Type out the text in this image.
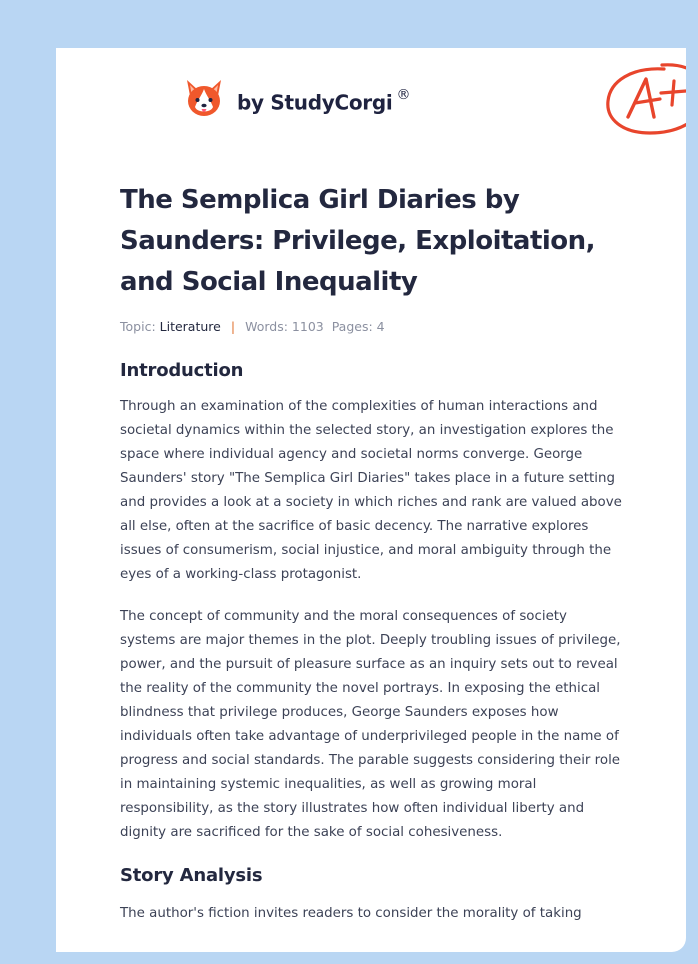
by StudyCorgi ®
A+
The Semplica Girl Diaries by Saunders: Privilege, Exploitation, and Social Inequality
Topic: Literature | Words: 1103 Pages: 4
Introduction

Through an examination of the complexities of human interactions and societal dynamics within the selected story, an investigation explores the space where individual agency and societal norms converge. George Saunders' story "The Semplica Girl Diaries" takes place in a future setting and provides a look at a society in which riches and rank are valued above all else, often at the sacrifice of basic decency. The narrative explores issues of consumerism, social injustice, and moral ambiguity through the eyes of a working-class protagonist.

The concept of community and the moral consequences of society systems are major themes in the plot. Deeply troubling issues of privilege, power, and the pursuit of pleasure surface as an inquiry sets out to reveal the reality of the community the novel portrays. In exposing the ethical blindness that privilege produces, George Saunders exposes how individuals often take advantage of underprivileged people in the name of progress and social standards. The parable suggests considering their role in maintaining systemic inequalities, as well as growing moral responsibility, as the story illustrates how often individual liberty and dignity are sacrificed for the sake of social cohesiveness.

Story Analysis

The author's fiction invites readers to consider the morality of taking
